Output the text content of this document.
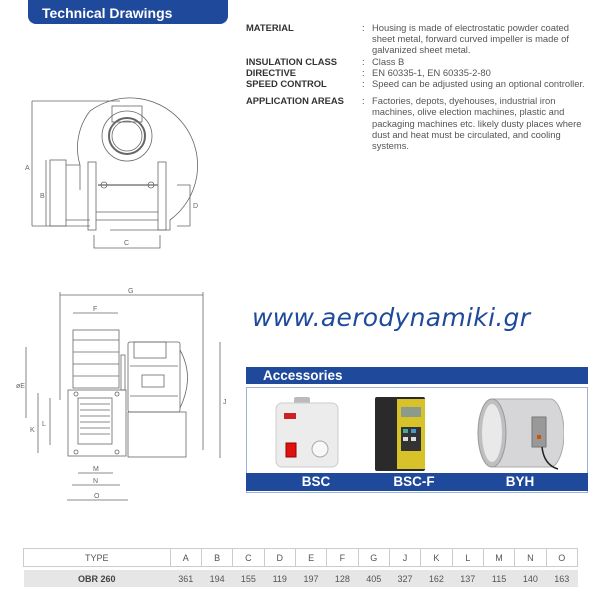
Technical Drawings
MATERIAL	: Housing is made of electrostatic powder coated sheet metal, forward curved impeller is made of galvanized sheet metal.
INSULATION CLASS	: Class B
DIRECTIVE	: EN 60335-1, EN 60335-2-80
SPEED CONTROL	: Speed can be adjusted using an optional controller.
APPLICATION AREAS	: Factories, depots, dyehouses, industrial iron machines, olive election machines, plastic and packaging machines etc. likely dusty places where dust and heat must be circulated, and cooling systems.
A
B
C
D
G
F
øE
K
L
M
N
O
J
www.aerodynamiki.gr
Accessories
BSC	BSC-F	BYH
TYPE	A	B	C	D	E	F	G	J	K	L	M	N	O

OBR 260	361	194	155	119	197	128	405	327	162	137	115	140	163
